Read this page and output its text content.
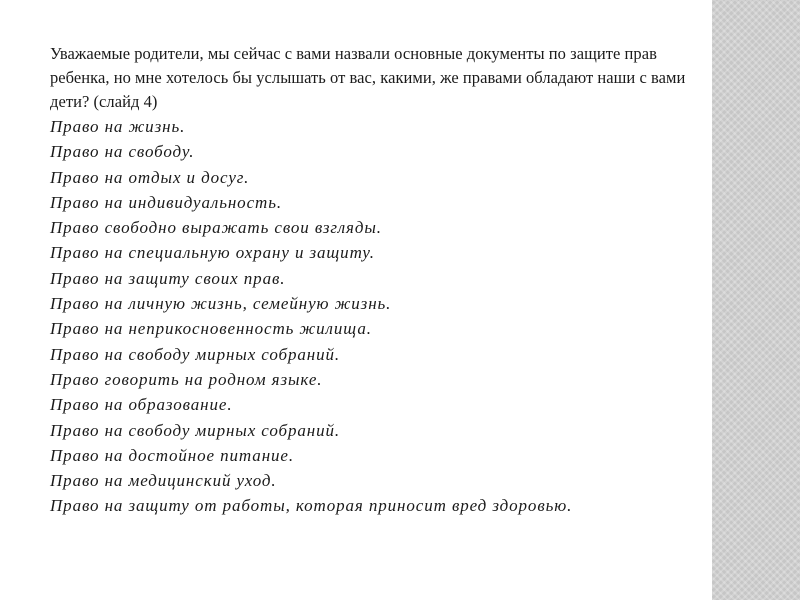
Уважаемые родители, мы сейчас с вами назвали основные документы по защите прав ребенка, но мне хотелось бы услышать от вас, какими, же правами обладают наши с вами дети? (слайд 4)

Право на жизнь.
Право на свободу.
Право на отдых и досуг.
Право на индивидуальность.
Право свободно выражать свои взгляды.
Право на специальную охрану и защиту.
Право на защиту своих прав.
Право на личную жизнь, семейную жизнь.
Право на неприкосновенность жилища.
Право на свободу мирных собраний.
Право говорить на родном языке.
Право на образование.
Право на свободу мирных собраний.
Право на достойное питание.
Право на медицинский уход.
Право на защиту от работы, которая приносит вред здоровью.
